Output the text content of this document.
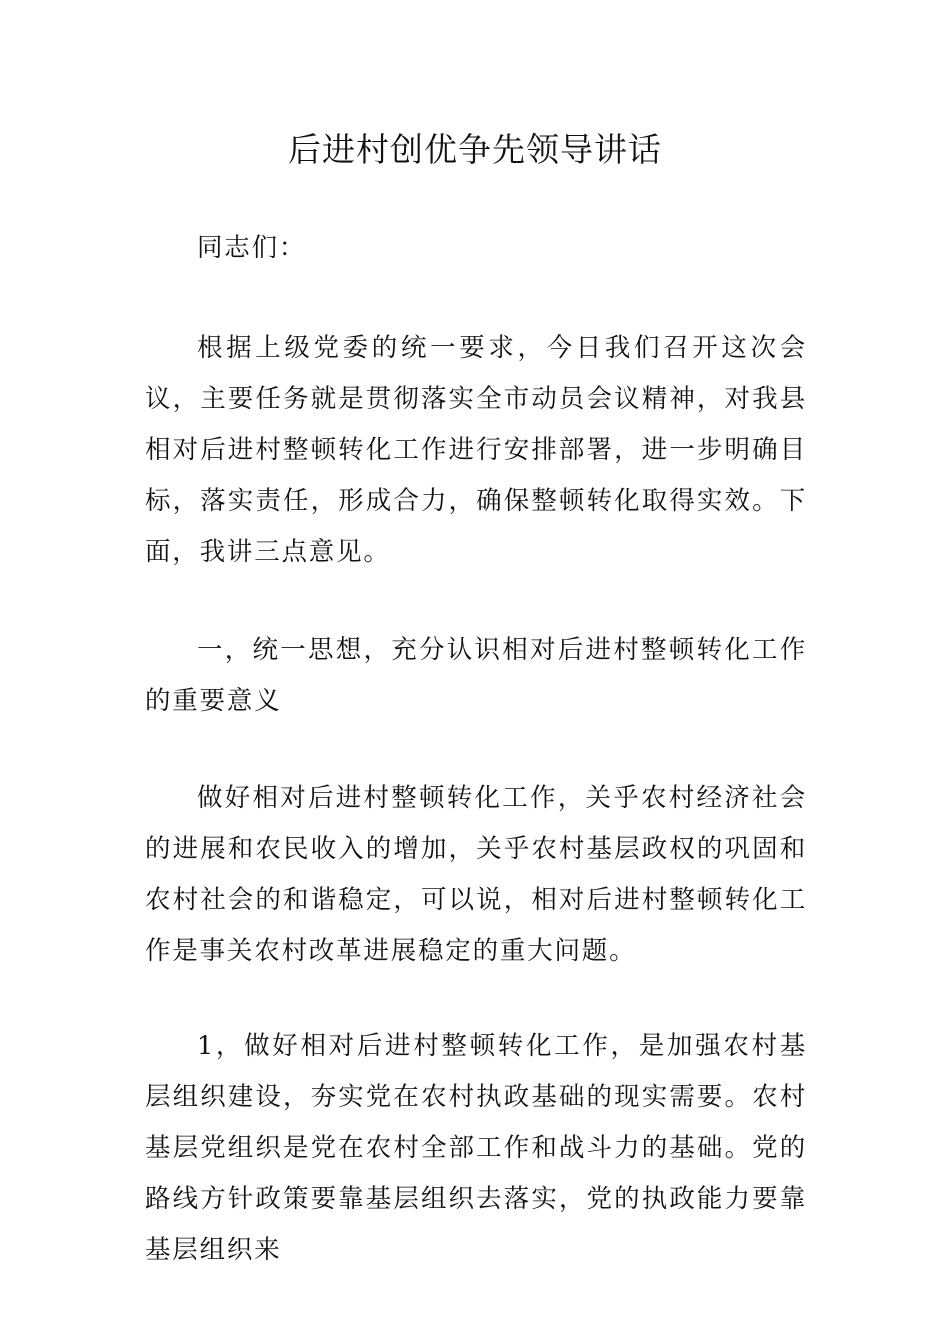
后进村创优争先领导讲话

同志们：

根据上级党委的统一要求，今日我们召开这次会议，主要任务就是贯彻落实全市动员会议精神，对我县相对后进村整顿转化工作进行安排部署，进一步明确目标，落实责任，形成合力，确保整顿转化取得实效。下面，我讲三点意见。

一，统一思想，充分认识相对后进村整顿转化工作的重要意义

做好相对后进村整顿转化工作，关乎农村经济社会的进展和农民收入的增加，关乎农村基层政权的巩固和农村社会的和谐稳定，可以说，相对后进村整顿转化工作是事关农村改革进展稳定的重大问题。

1，做好相对后进村整顿转化工作，是加强农村基层组织建设，夯实党在农村执政基础的现实需要。农村基层党组织是党在农村全部工作和战斗力的基础。党的路线方针政策要靠基层组织去落实，党的执政能力要靠基层组织来
